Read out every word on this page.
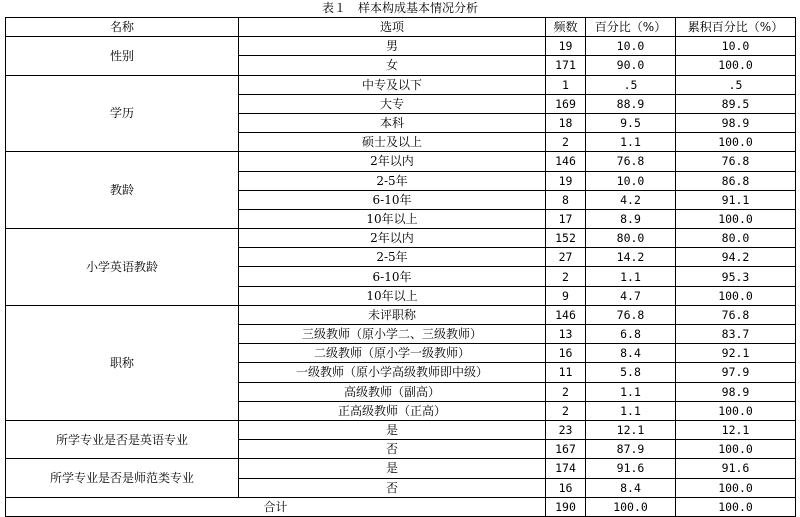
表１　样本构成基本情况分析
名称	选项	频数	百分比（%）	累积百分比（%）
性别	男	19	10.0	10.0
	女	171	90.0	100.0
学历	中专及以下	1	.5	.5
	大专	169	88.9	89.5
	本科	18	9.5	98.9
	硕士及以上	2	1.1	100.0
教龄	2年以内	146	76.8	76.8
	2-5年	19	10.0	86.8
	6-10年	8	4.2	91.1
	10年以上	17	8.9	100.0
小学英语教龄	2年以内	152	80.0	80.0
	2-5年	27	14.2	94.2
	6-10年	2	1.1	95.3
	10年以上	9	4.7	100.0
职称	未评职称	146	76.8	76.8
	三级教师（原小学二、三级教师）	13	6.8	83.7
	二级教师（原小学一级教师）	16	8.4	92.1
	一级教师（原小学高级教师即中级）	11	5.8	97.9
	高级教师（副高）	2	1.1	98.9
	正高级教师（正高）	2	1.1	100.0
所学专业是否是英语专业	是	23	12.1	12.1
	否	167	87.9	100.0
所学专业是否是师范类专业	是	174	91.6	91.6
	否	16	8.4	100.0
合计		190	100.0	100.0
